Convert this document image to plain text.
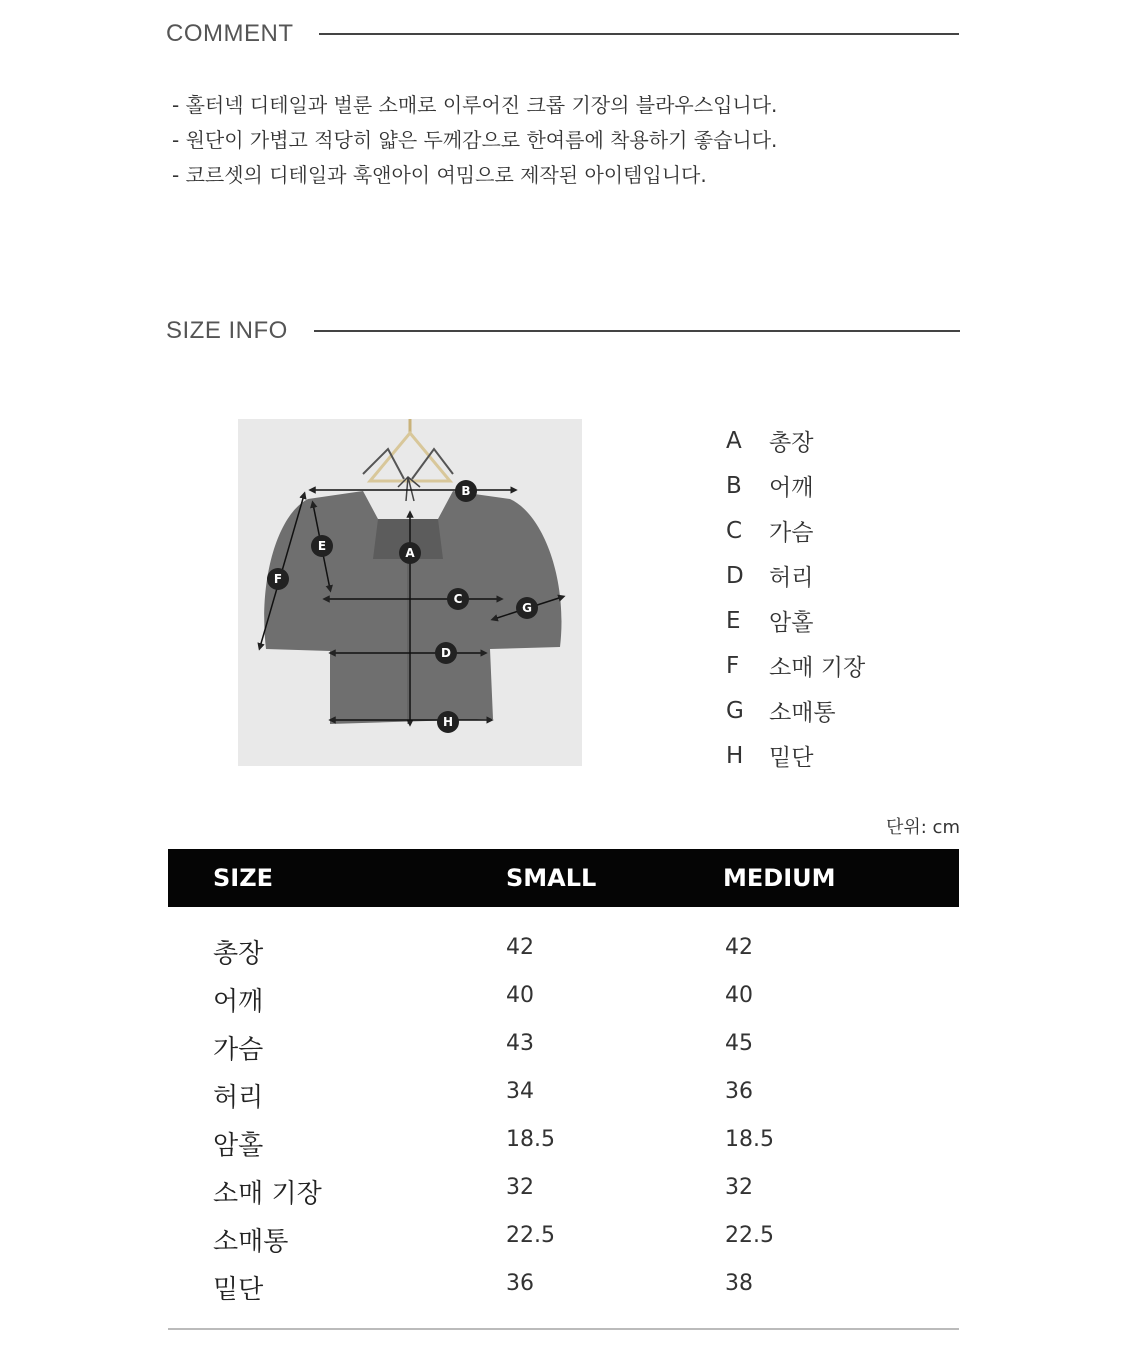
COMMENT
- 홀터넥 디테일과 벌룬 소매로 이루어진 크롭 기장의 블라우스입니다.
- 원단이 가볍고 적당히 얇은 두께감으로 한여름에 착용하기 좋습니다.
- 코르셋의 디테일과 훅앤아이 여밈으로 제작된 아이템입니다.
SIZE INFO
B
A
E
F
C
G
D
H
A	총장
B	어깨
C	가슴
D	허리
E	암홀
F	소매 기장
G	소매통
H	밑단
단위: cm
SIZE	SMALL	MEDIUM
총장	42	42
어깨	40	40
가슴	43	45
허리	34	36
암홀	18.5	18.5
소매 기장	32	32
소매통	22.5	22.5
밑단	36	38
